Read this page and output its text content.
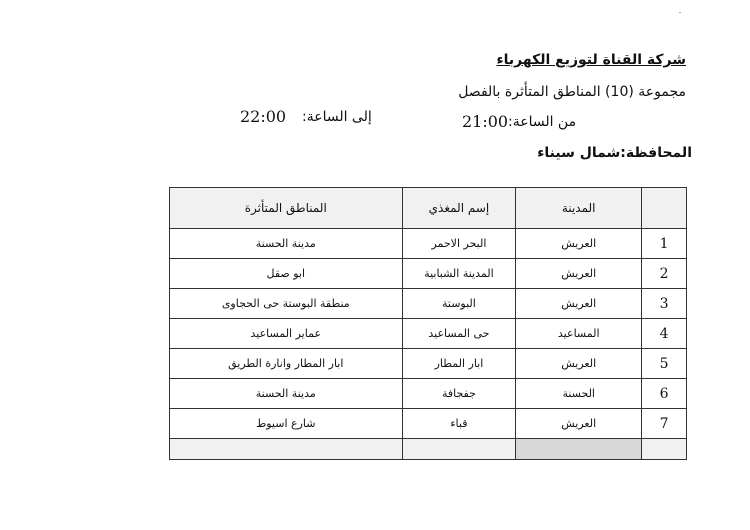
شركة القناة لتوزيع الكهرباء
مجموعة (10) المناطق المتأثرة بالفصل
من الساعة:
21:00
إلى الساعة:
22:00
المحافظة:شمال سيناء
	المدينة	إسم المغذي	المناطق المتأثرة
1	العريش	البحر الاحمر	مدينة الحسنة
2	العريش	المدينة الشبابية	ابو صقل
3	العريش	البوستة	منطقة البوستة حى الحجاوى
4	المساعيد	حى المساعيد	عماير المساعيد
5	العريش	ابار المطار	ابار المطار وانارة الطريق
6	الحسنة	جفجافة	مدينة الحسنة
7	العريش	قباء	شارع اسيوط
